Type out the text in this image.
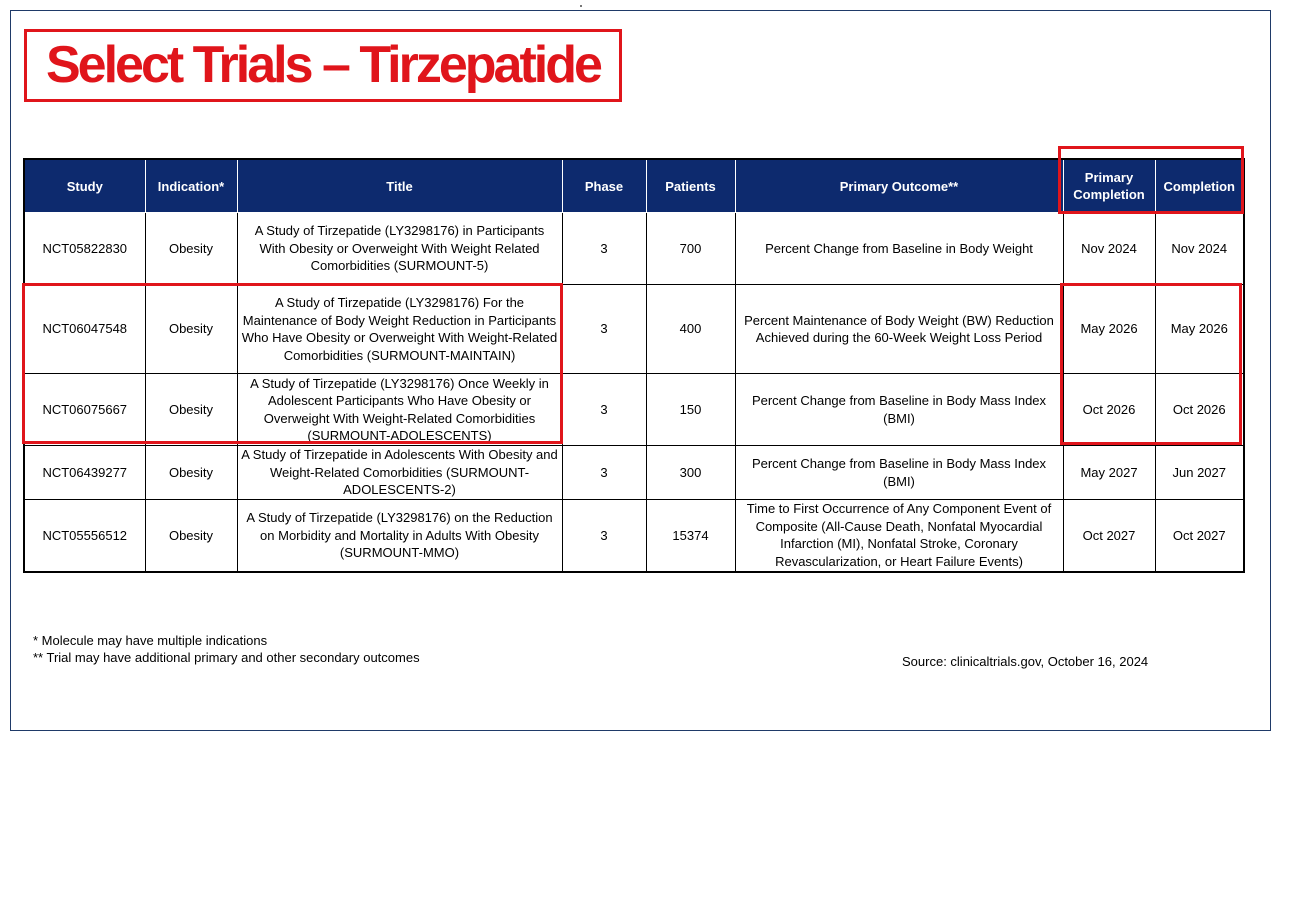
Select Trials – Tirzepatide
Study	Indication*	Title	Phase	Patients	Primary Outcome**	Primary Completion	Completion
NCT05822830	Obesity	A Study of Tirzepatide (LY3298176) in Participants With Obesity or Overweight With Weight Related Comorbidities (SURMOUNT-5)	3	700	Percent Change from Baseline in Body Weight	Nov 2024	Nov 2024
NCT06047548	Obesity	A Study of Tirzepatide (LY3298176) For the Maintenance of Body Weight Reduction in Participants Who Have Obesity or Overweight With Weight-Related Comorbidities (SURMOUNT-MAINTAIN)	3	400	Percent Maintenance of Body Weight (BW) Reduction Achieved during the 60-Week Weight Loss Period	May 2026	May 2026
NCT06075667	Obesity	A Study of Tirzepatide (LY3298176) Once Weekly in Adolescent Participants Who Have Obesity or Overweight With Weight-Related Comorbidities (SURMOUNT-ADOLESCENTS)	3	150	Percent Change from Baseline in Body Mass Index (BMI)	Oct 2026	Oct 2026
NCT06439277	Obesity	A Study of Tirzepatide in Adolescents With Obesity and Weight-Related Comorbidities (SURMOUNT-ADOLESCENTS-2)	3	300	Percent Change from Baseline in Body Mass Index (BMI)	May 2027	Jun 2027
NCT05556512	Obesity	A Study of Tirzepatide (LY3298176) on the Reduction on Morbidity and Mortality in Adults With Obesity (SURMOUNT-MMO)	3	15374	Time to First Occurrence of Any Component Event of Composite (All-Cause Death, Nonfatal Myocardial Infarction (MI), Nonfatal Stroke, Coronary Revascularization, or Heart Failure Events)	Oct 2027	Oct 2027
* Molecule may have multiple indications
** Trial may have additional primary and other secondary outcomes	Source: clinicaltrials.gov, October 16, 2024
